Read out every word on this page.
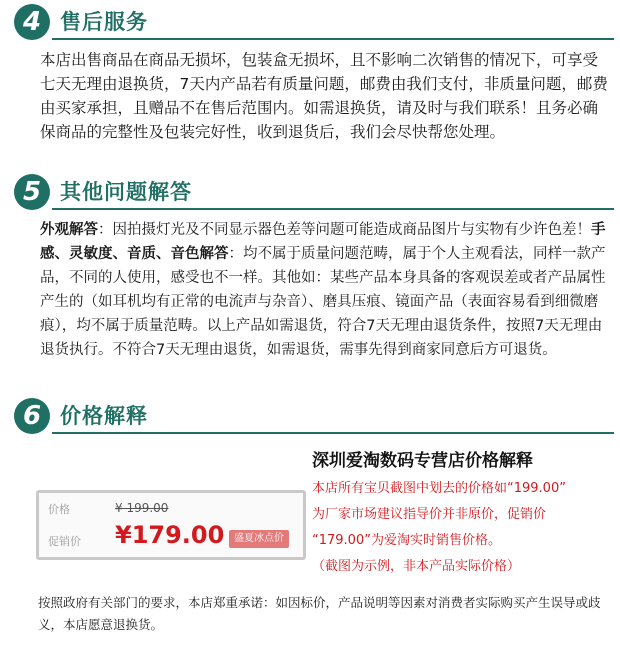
4 售后服务

本店出售商品在商品无损坏，包装盒无损坏，且不影响二次销售的情况下，可享受七天无理由退换货，7天内产品若有质量问题，邮费由我们支付，非质量问题，邮费由买家承担，且赠品不在售后范围内。如需退换货，请及时与我们联系！且务必确保商品的完整性及包装完好性，收到退货后，我们会尽快帮您处理。

5 其他问题解答

外观解答：因拍摄灯光及不同显示器色差等问题可能造成商品图片与实物有少许色差！手感、灵敏度、音质、音色解答：均不属于质量问题范畴，属于个人主观看法，同样一款产品，不同的人使用，感受也不一样。其他如：某些产品本身具备的客观误差或者产品属性产生的（如耳机均有正常的电流声与杂音）、磨具压痕、镜面产品（表面容易看到细微磨痕），均不属于质量范畴。以上产品如需退货，符合7天无理由退货条件，按照7天无理由退货执行。不符合7天无理由退货，如需退货，需事先得到商家同意后方可退货。

6 价格解释
深圳爱淘数码专营店价格解释
价格	¥ 199.00
促销价 ¥179.00 盛夏冰点价
本店所有宝贝截图中划去的价格如“199.00”
为厂家市场建议指导价并非原价，促销价
“179.00”为爱淘实时销售价格。
（截图为示例，非本产品实际价格）

按照政府有关部门的要求，本店郑重承诺：如因标价，产品说明等因素对消费者实际购买产生误导或歧义，本店愿意退换货。
